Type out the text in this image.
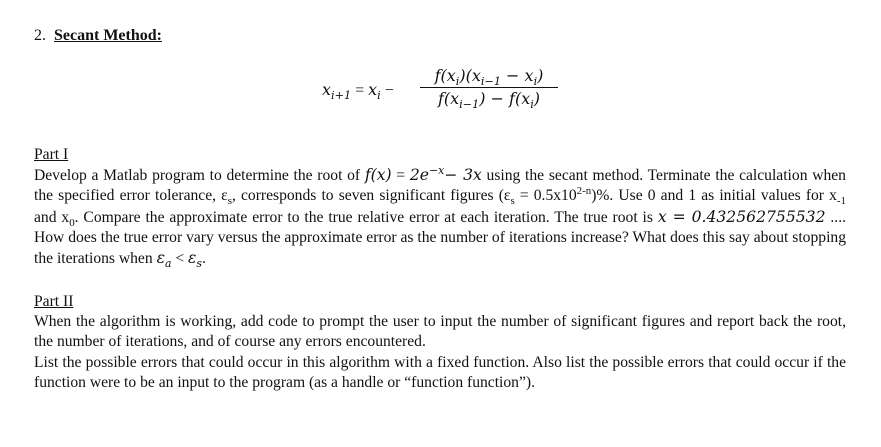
2. Secant Method:
$x_{i+1} = x_i$ −
$f(x_i)(x_{i-1} - x_i)$
$f(x_{i-1}) - f(x_i)$
Part I

Develop a Matlab program to determine the root of $f(x) = 2e^{-x}- 3x$ using the secant method. Terminate the calculation when the specified error tolerance, $\varepsilon_s$, corresponds to seven significant figures $(\varepsilon_s = 0.5x10^{2-n})\%$. Use 0 and 1 as initial values for $x_{-1}$ and $x_0$. Compare the approximate error to the true relative error at each iteration. The true root is x = 0.432562755532 .... How does the true error vary versus the approximate error as the number of iterations increase? What does this say about stopping the iterations when $\varepsilon_a < \varepsilon_s$.

Part II

When the algorithm is working, add code to prompt the user to input the number of significant figures and report back the root, the number of iterations, and of course any errors encountered.

List the possible errors that could occur in this algorithm with a fixed function. Also list the possible errors that could occur if the function were to be an input to the program (as a handle or “function function”).
